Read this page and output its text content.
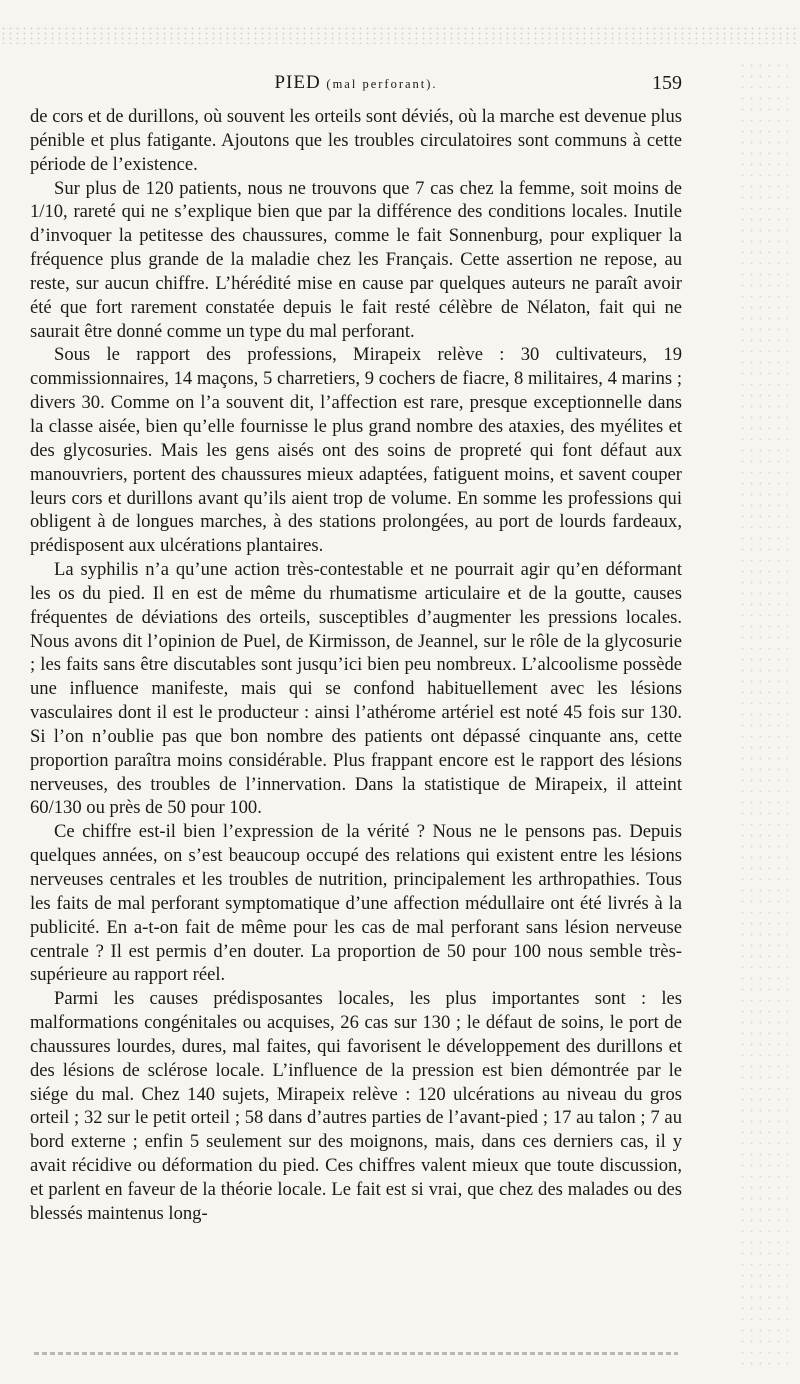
PIED (mal perforant).	159

de cors et de durillons, où souvent les orteils sont déviés, où la marche est devenue plus pénible et plus fatigante. Ajoutons que les troubles circulatoires sont communs à cette période de l’existence.

Sur plus de 120 patients, nous ne trouvons que 7 cas chez la femme, soit moins de 1/10, rareté qui ne s’explique bien que par la différence des conditions locales. Inutile d’invoquer la petitesse des chaussures, comme le fait Sonnenburg, pour expliquer la fréquence plus grande de la maladie chez les Français. Cette assertion ne repose, au reste, sur aucun chiffre. L’hérédité mise en cause par quelques auteurs ne paraît avoir été que fort rarement constatée depuis le fait resté célèbre de Nélaton, fait qui ne saurait être donné comme un type du mal perforant.

Sous le rapport des professions, Mirapeix relève : 30 cultivateurs, 19 commissionnaires, 14 maçons, 5 charretiers, 9 cochers de fiacre, 8 militaires, 4 marins ; divers 30. Comme on l’a souvent dit, l’affection est rare, presque exceptionnelle dans la classe aisée, bien qu’elle fournisse le plus grand nombre des ataxies, des myélites et des glycosuries. Mais les gens aisés ont des soins de propreté qui font défaut aux manouvriers, portent des chaussures mieux adaptées, fatiguent moins, et savent couper leurs cors et durillons avant qu’ils aient trop de volume. En somme les professions qui obligent à de longues marches, à des stations prolongées, au port de lourds fardeaux, prédisposent aux ulcérations plantaires.

La syphilis n’a qu’une action très-contestable et ne pourrait agir qu’en déformant les os du pied. Il en est de même du rhumatisme articulaire et de la goutte, causes fréquentes de déviations des orteils, susceptibles d’augmenter les pressions locales. Nous avons dit l’opinion de Puel, de Kirmisson, de Jeannel, sur le rôle de la glycosurie ; les faits sans être discutables sont jusqu’ici bien peu nombreux. L’alcoolisme possède une influence manifeste, mais qui se confond habituellement avec les lésions vasculaires dont il est le producteur : ainsi l’athérome artériel est noté 45 fois sur 130. Si l’on n’oublie pas que bon nombre des patients ont dépassé cinquante ans, cette proportion paraîtra moins considérable. Plus frappant encore est le rapport des lésions nerveuses, des troubles de l’innervation. Dans la statistique de Mirapeix, il atteint 60/130 ou près de 50 pour 100.

Ce chiffre est-il bien l’expression de la vérité ? Nous ne le pensons pas. Depuis quelques années, on s’est beaucoup occupé des relations qui existent entre les lésions nerveuses centrales et les troubles de nutrition, principalement les arthropathies. Tous les faits de mal perforant symptomatique d’une affection médullaire ont été livrés à la publicité. En a-t-on fait de même pour les cas de mal perforant sans lésion nerveuse centrale ? Il est permis d’en douter. La proportion de 50 pour 100 nous semble très-supérieure au rapport réel.

Parmi les causes prédisposantes locales, les plus importantes sont : les malformations congénitales ou acquises, 26 cas sur 130 ; le défaut de soins, le port de chaussures lourdes, dures, mal faites, qui favorisent le développement des durillons et des lésions de sclérose locale. L’influence de la pression est bien démontrée par le siége du mal. Chez 140 sujets, Mirapeix relève : 120 ulcérations au niveau du gros orteil ; 32 sur le petit orteil ; 58 dans d’autres parties de l’avant-pied ; 17 au talon ; 7 au bord externe ; enfin 5 seulement sur des moignons, mais, dans ces derniers cas, il y avait récidive ou déformation du pied. Ces chiffres valent mieux que toute discussion, et parlent en faveur de la théorie locale. Le fait est si vrai, que chez des malades ou des blessés maintenus long-
